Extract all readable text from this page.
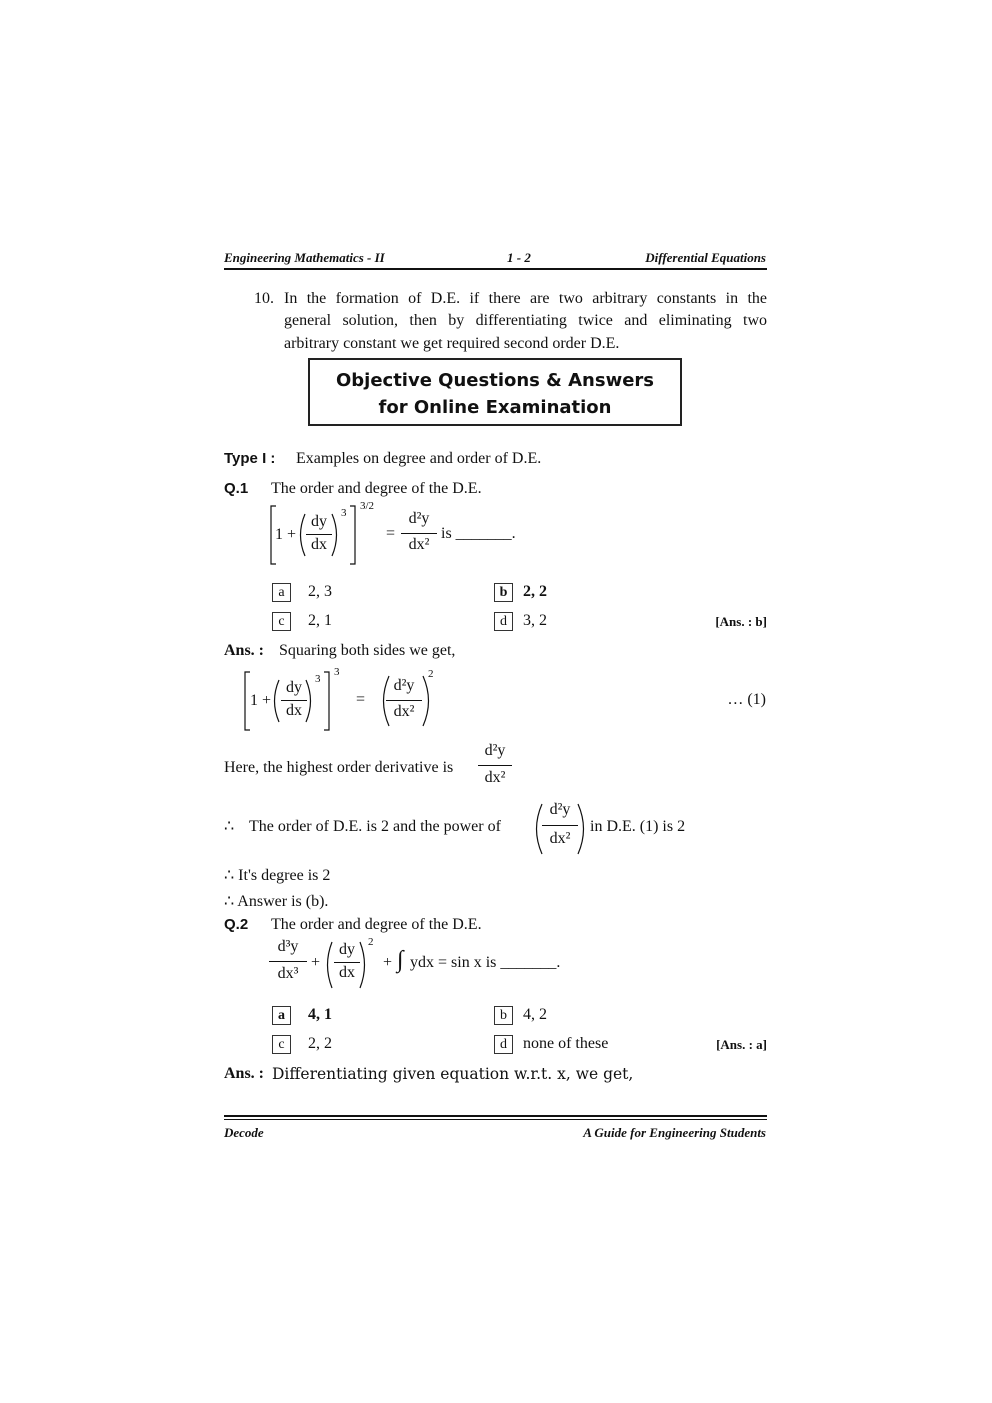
Engineering Mathematics - II	1 - 2	Differential Equations
10. In the formation of D.E. if there are two arbitrary constants in the
general solution, then by differentiating twice and eliminating two
arbitrary constant we get required second order D.E.
Objective Questions & Answers
for Online Examination
Type I : Examples on degree and order of D.E.
Q.1 The order and degree of the D.E.
1 +
dy
dx
3
3/2
=
d²y
dx²
is _______.
a	2, 3	b 2, 2
c	2, 1	d	3, 2	[Ans. : b]
Ans. : Squaring both sides we get,
1 +
dy
dx
3
3
=
d²y
dx²
2
… (1)
Here, the highest order derivative is
d²y
dx²
∴ The order of D.E. is 2 and the power of
d²y
dx²
in D.E. (1) is 2
∴ It's degree is 2
∴ Answer is (b).
Q.2 The order and degree of the D.E.
d³y
dx³
+
dy
dx
2
+ ∫ ydx = sin x is _______.
a	4, 1	b	4, 2
c	2, 2	d	none of these	[Ans. : a]
Ans. : Differentiating given equation w.r.t. x, we get,
Decode	A Guide for Engineering Students
